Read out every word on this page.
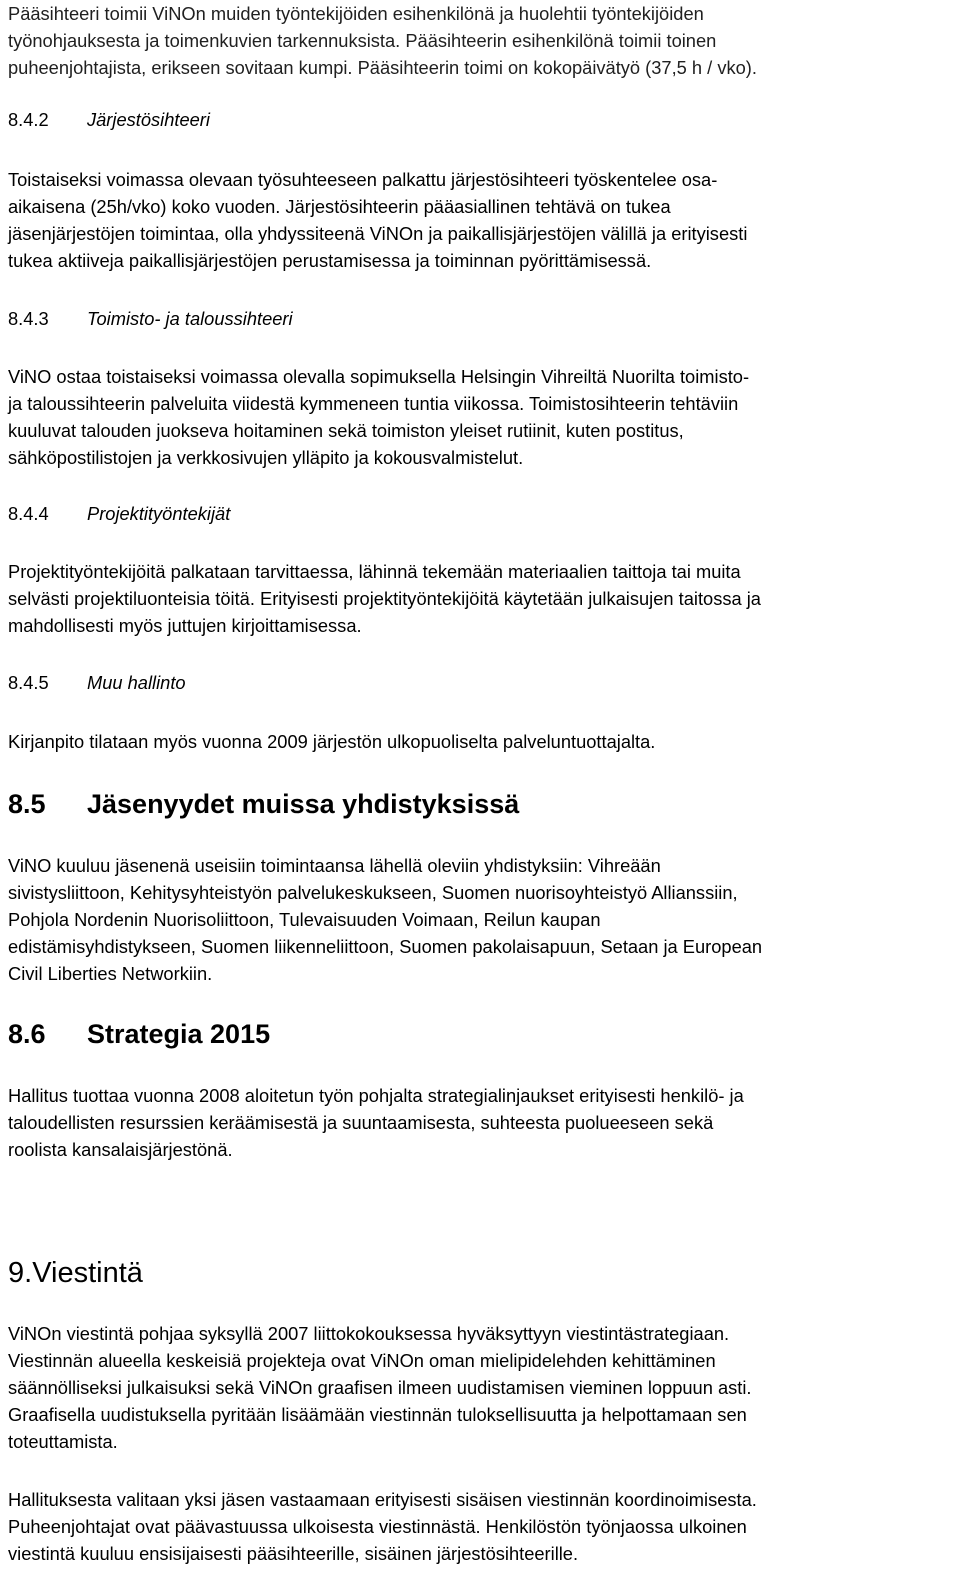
Pääsihteeri toimii ViNOn muiden työntekijöiden esihenkilönä ja huolehtii työntekijöiden
työnohjauksesta ja toimenkuvien tarkennuksista. Pääsihteerin esihenkilönä toimii toinen
puheenjohtajista, erikseen sovitaan kumpi. Pääsihteerin toimi on kokopäivätyö (37,5 h / vko).

8.4.2 Järjestösihteeri

Toistaiseksi voimassa olevaan työsuhteeseen palkattu järjestösihteeri työskentelee osa-
aikaisena (25h/vko) koko vuoden. Järjestösihteerin pääasiallinen tehtävä on tukea
jäsenjärjestöjen toimintaa, olla yhdyssiteenä ViNOn ja paikallisjärjestöjen välillä ja erityisesti
tukea aktiiveja paikallisjärjestöjen perustamisessa ja toiminnan pyörittämisessä.

8.4.3 Toimisto- ja taloussihteeri

ViNO ostaa toistaiseksi voimassa olevalla sopimuksella Helsingin Vihreiltä Nuorilta toimisto-
ja taloussihteerin palveluita viidestä kymmeneen tuntia viikossa. Toimistosihteerin tehtäviin
kuuluvat talouden juokseva hoitaminen sekä toimiston yleiset rutiinit, kuten postitus,
sähköpostilistojen ja verkkosivujen ylläpito ja kokousvalmistelut.

8.4.4 Projektityöntekijät

Projektityöntekijöitä palkataan tarvittaessa, lähinnä tekemään materiaalien taittoja tai muita
selvästi projektiluonteisia töitä. Erityisesti projektityöntekijöitä käytetään julkaisujen taitossa ja
mahdollisesti myös juttujen kirjoittamisessa.

8.4.5 Muu hallinto

Kirjanpito tilataan myös vuonna 2009 järjestön ulkopuoliselta palveluntuottajalta.

8.5 Jäsenyydet muissa yhdistyksissä

ViNO kuuluu jäsenenä useisiin toimintaansa lähellä oleviin yhdistyksiin: Vihreään
sivistysliittoon, Kehitysyhteistyön palvelukeskukseen, Suomen nuorisoyhteistyö Allianssiin,
Pohjola Nordenin Nuorisoliittoon, Tulevaisuuden Voimaan, Reilun kaupan
edistämisyhdistykseen, Suomen liikenneliittoon, Suomen pakolaisapuun, Setaan ja European
Civil Liberties Networkiin.

8.6 Strategia 2015

Hallitus tuottaa vuonna 2008 aloitetun työn pohjalta strategialinjaukset erityisesti henkilö- ja
taloudellisten resurssien keräämisestä ja suuntaamisesta, suhteesta puolueeseen sekä
roolista kansalaisjärjestönä.

9.Viestintä

ViNOn viestintä pohjaa syksyllä 2007 liittokokouksessa hyväksyttyyn viestintästrategiaan.
Viestinnän alueella keskeisiä projekteja ovat ViNOn oman mielipidelehden kehittäminen
säännölliseksi julkaisuksi sekä ViNOn graafisen ilmeen uudistamisen vieminen loppuun asti.
Graafisella uudistuksella pyritään lisäämään viestinnän tuloksellisuutta ja helpottamaan sen
toteuttamista.

Hallituksesta valitaan yksi jäsen vastaamaan erityisesti sisäisen viestinnän koordinoimisesta.
Puheenjohtajat ovat päävastuussa ulkoisesta viestinnästä. Henkilöstön työnjaossa ulkoinen
viestintä kuuluu ensisijaisesti pääsihteerille, sisäinen järjestösihteerille.
